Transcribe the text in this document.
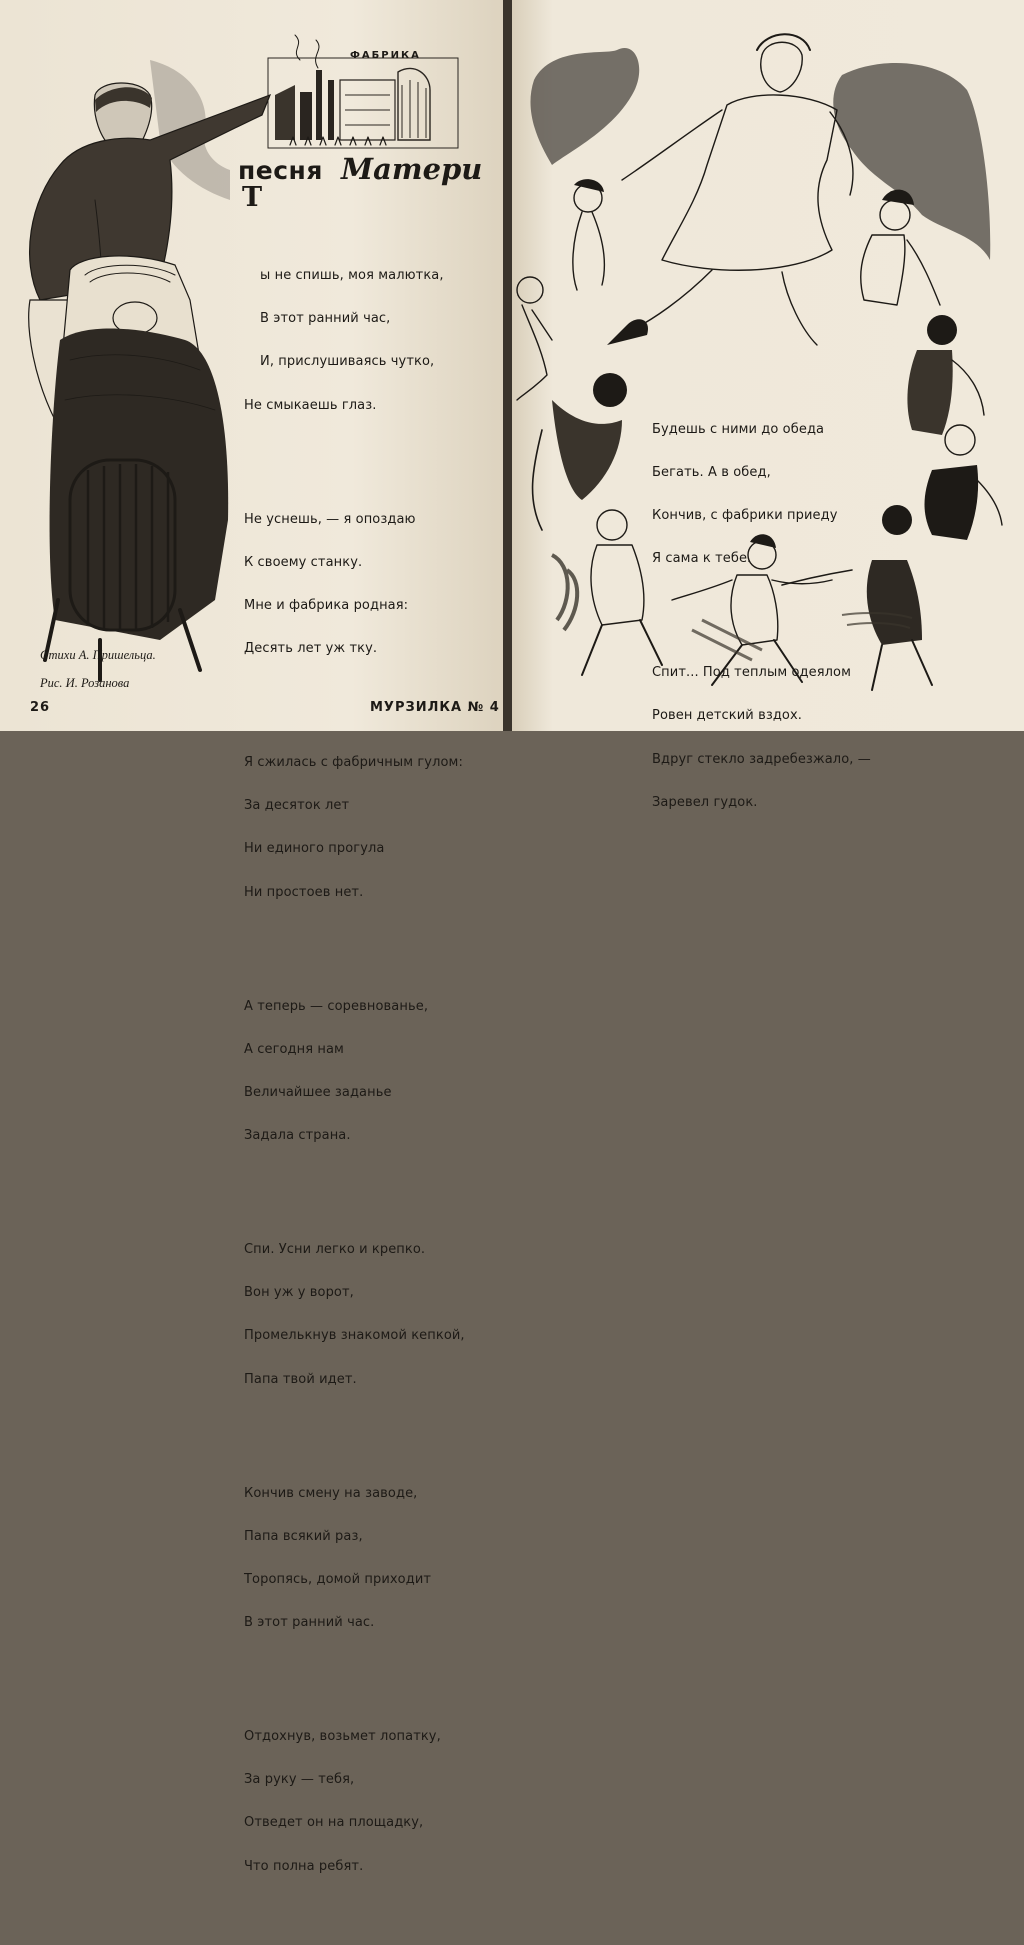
песня Матери
ФАБРИКА

Т

ы не спишь, моя малютка,

В этот ранний час,

И, прислушиваясь чутко,

Не смыкаешь глаз.

Не уснешь, — я опоздаю

К своему станку.

Мне и фабрика родная:

Десять лет уж тку.

Я сжилась с фабричным гулом:

За десяток лет

Ни единого прогула

Ни простоев нет.

А теперь — соревнованье,

А сегодня нам

Величайшее заданье

Задала страна.

Спи. Усни легко и крепко.

Вон уж у ворот,

Промелькнув знакомой кепкой,

Папа твой идет.

Кончив смену на заводе,

Папа всякий раз,

Торопясь, домой приходит

В этот ранний час.

Отдохнув, возьмет лопатку,

За руку — тебя,

Отведет он на площадку,

Что полна ребят.

Стихи А. Пришельца.
Рис. И. Розанова
26	МУРЗИЛКА № 4

Будешь с ними до обеда

Бегать. А в обед,

Кончив, с фабрики приеду

Я сама к тебе.

Спит... Под теплым одеялом

Ровен детский вздох.

Вдруг стекло задребезжало, —

Заревел гудок.
